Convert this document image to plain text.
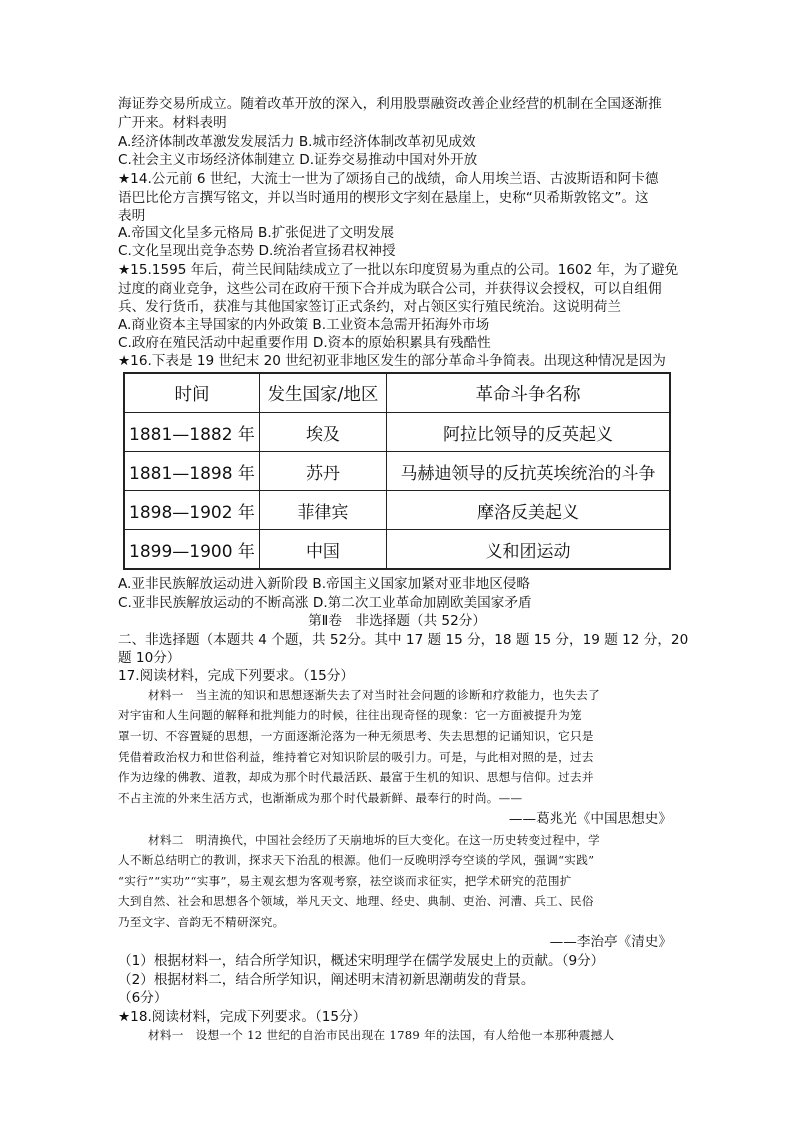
海证券交易所成立。随着改革开放的深入，利用股票融资改善企业经营的机制在全国逐渐推
广开来。材料表明
A.经济体制改革激发发展活力 B.城市经济体制改革初见成效
C.社会主义市场经济体制建立 D.证券交易推动中国对外开放
★14.公元前 6 世纪，大流士一世为了颂扬自己的战绩，命人用埃兰语、古波斯语和阿卡德
语巴比伦方言撰写铭文，并以当时通用的楔形文字刻在悬崖上，史称“贝希斯敦铭文”。这
表明
A.帝国文化呈多元格局 B.扩张促进了文明发展
C.文化呈现出竞争态势 D.统治者宣扬君权神授
★15.1595 年后，荷兰民间陆续成立了一批以东印度贸易为重点的公司。1602 年，为了避免
过度的商业竞争，这些公司在政府干预下合并成为联合公司，并获得议会授权，可以自组佣
兵、发行货币，获准与其他国家签订正式条约，对占领区实行殖民统治。这说明荷兰
A.商业资本主导国家的内外政策 B.工业资本急需开拓海外市场
C.政府在殖民活动中起重要作用 D.资本的原始积累具有残酷性
★16.下表是 19 世纪末 20 世纪初亚非地区发生的部分革命斗争简表。出现这种情况是因为
时间	发生国家/地区	革命斗争名称
1881—1882 年	埃及	阿拉比领导的反英起义
1881—1898 年	苏丹	马赫迪领导的反抗英埃统治的斗争
1898—1902 年	菲律宾	摩洛反美起义
1899—1900 年	中国	义和团运动
A.亚非民族解放运动进入新阶段 B.帝国主义国家加紧对亚非地区侵略
C.亚非民族解放运动的不断高涨 D.第二次工业革命加剧欧美国家矛盾
第Ⅱ卷　非选择题（共 52分）
二、非选择题（本题共 4 个题，共 52分。其中 17 题 15 分，18 题 15 分，19 题 12 分，20
题 10分）
17.阅读材料，完成下列要求。（15分）
材料一　当主流的知识和思想逐渐失去了对当时社会问题的诊断和疗救能力，也失去了
对宇宙和人生问题的解释和批判能力的时候，往往出现奇怪的现象：它一方面被提升为笼
罩一切、不容置疑的思想，一方面逐渐沦落为一种无须思考、失去思想的记诵知识，它只是
凭借着政治权力和世俗利益，维持着它对知识阶层的吸引力。可是，与此相对照的是，过去
作为边缘的佛教、道教，却成为那个时代最活跃、最富于生机的知识、思想与信仰。过去并
不占主流的外来生活方式，也渐渐成为那个时代最新鲜、最奉行的时尚。——
——葛兆光《中国思想史》
材料二　明清换代，中国社会经历了天崩地坼的巨大变化。在这一历史转变过程中，学
人不断总结明亡的教训，探求天下治乱的根源。他们一反晚明浮夸空谈的学风，强调“实践”
“实行”“实功”“实事”，易主观玄想为客观考察，祛空谈而求征实，把学术研究的范围扩
大到自然、社会和思想各个领域，举凡天文、地理、经史、典制、吏治、河漕、兵工、民俗
乃至文字、音韵无不精研深究。
——李治亭《清史》
（1）根据材料一，结合所学知识，概述宋明理学在儒学发展史上的贡献。（9分）
（2）根据材料二，结合所学知识，阐述明末清初新思潮萌发的背景。
（6分）
★18.阅读材料，完成下列要求。（15分）
材料一　设想一个 12 世纪的自治市民出现在 1789 年的法国，有人给他一本那种震撼人
